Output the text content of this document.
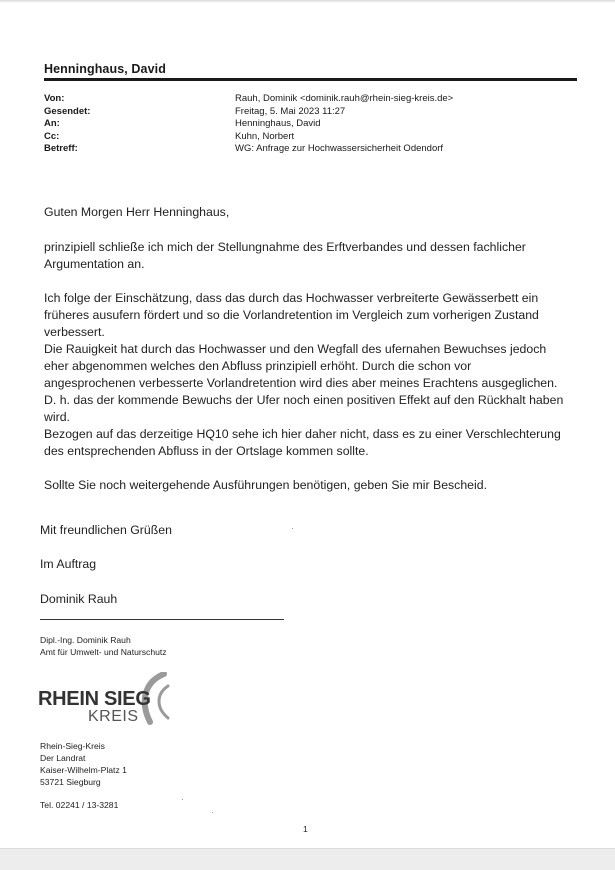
Henninghaus, David
Von:	Rauh, Dominik <dominik.rauh@rhein-sieg-kreis.de>
Gesendet:	Freitag, 5. Mai 2023 11:27
An:	Henninghaus, David
Cc:	Kuhn, Norbert
Betreff:	WG: Anfrage zur Hochwassersicherheit Odendorf

Guten Morgen Herr Henninghaus,

prinzipiell schließe ich mich der Stellungnahme des Erftverbandes und dessen fachlicher

Argumentation an.

Ich folge der Einschätzung, dass das durch das Hochwasser verbreiterte Gewässerbett ein

früheres ausufern fördert und so die Vorlandretention im Vergleich zum vorherigen Zustand

verbessert.

Die Rauigkeit hat durch das Hochwasser und den Wegfall des ufernahen Bewuchses jedoch

eher abgenommen welches den Abfluss prinzipiell erhöht. Durch die schon vor

angesprochenen verbesserte Vorlandretention wird dies aber meines Erachtens ausgeglichen.

D. h. das der kommende Bewuchs der Ufer noch einen positiven Effekt auf den Rückhalt haben

wird.

Bezogen auf das derzeitige HQ10 sehe ich hier daher nicht, dass es zu einer Verschlechterung

des entsprechenden Abfluss in der Ortslage kommen sollte.

Sollte Sie noch weitergehende Ausführungen benötigen, geben Sie mir Bescheid.

Mit freundlichen Grüßen
Im Auftrag
Dominik Rauh
Dipl.-Ing. Dominik Rauh
Amt für Umwelt- und Naturschutz
RHEIN SIEG
KREIS
Rhein-Sieg-Kreis
Der Landrat
Kaiser-Wilhelm-Platz 1
53721 Siegburg
Tel. 02241 / 13-3281
1
